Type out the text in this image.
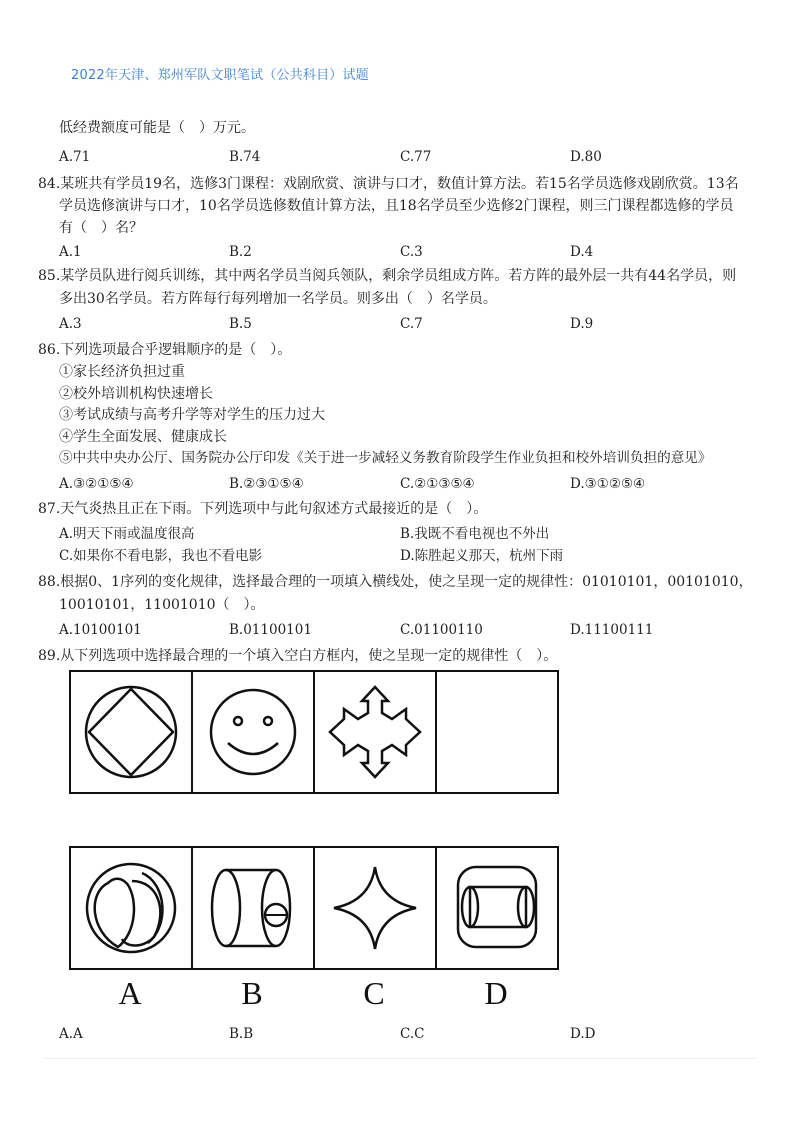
2022年天津、郑州军队文职笔试（公共科目）试题
低经费额度可能是（　）万元。
A.71	B.74	C.77	D.80
84.某班共有学员19名，选修3门课程：戏剧欣赏、演讲与口才，数值计算方法。若15名学员选修戏剧欣赏。13名
学员选修演讲与口才，10名学员选修数值计算方法，且18名学员至少选修2门课程，则三门课程都选修的学员
有（　）名？
A.1	B.2	C.3	D.4
85.某学员队进行阅兵训练，其中两名学员当阅兵领队，剩余学员组成方阵。若方阵的最外层一共有44名学员，则
多出30名学员。若方阵每行每列增加一名学员。则多出（　）名学员。
A.3	B.5	C.7	D.9
86.下列选项最合乎逻辑顺序的是（　）。
①家长经济负担过重
②校外培训机构快速增长
③考试成绩与高考升学等对学生的压力过大
④学生全面发展、健康成长
⑤中共中央办公厅、国务院办公厅印发《关于进一步减轻义务教育阶段学生作业负担和校外培训负担的意见》
A.③②①⑤④	B.②③①⑤④	C.②①③⑤④	D.③①②⑤④
87.天气炎热且正在下雨。下列选项中与此句叙述方式最接近的是（　）。
A.明天下雨或温度很高	B.我既不看电视也不外出
C.如果你不看电影，我也不看电影	D.陈胜起义那天，杭州下雨
88.根据0、1序列的变化规律，选择最合理的一项填入横线处，使之呈现一定的规律性：01010101，00101010，
10010101，11001010（　）。
A.10100101	B.01100101	C.01100110	D.11100111
89.从下列选项中选择最合理的一个填入空白方框内，使之呈现一定的规律性（　）。
A	B	C	D
A.A	B.B	C.C	D.D
